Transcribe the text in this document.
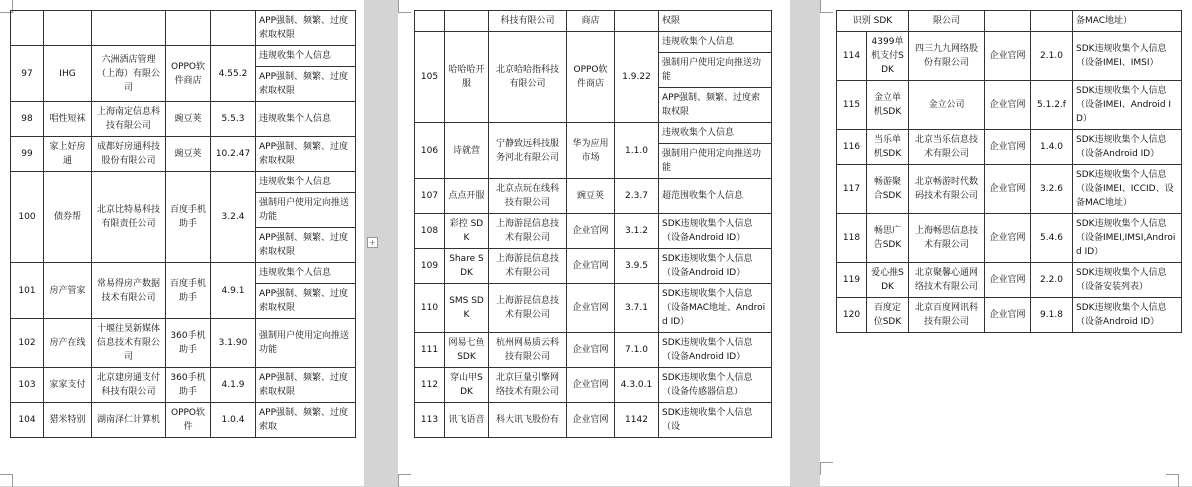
					APP强制、频繁、过度索取权限
97	IHG	六洲酒店管理（上海）有限公司	OPPO软件商店	4.55.2	违规收集个人信息
					APP强制、频繁、过度索取权限
98	唱性短袜	上海南定信息科技有限公司	豌豆荚	5.5.3	违规收集个人信息
99	家上好房通	成都好房通科技股份有限公司	豌豆荚	10.2.47	APP强制、频繁、过度索取权限
100	债券帮	北京比特易科技有限责任公司	百度手机助手	3.2.4	违规收集个人信息
					强制用户使用定向推送功能
					APP强制、频繁、过度索取权限
101	房产管家	常易得房产数据技术有限公司	百度手机助手	4.9.1	违规收集个人信息
					APP强制、频繁、过度索取权限
102	房产在线	十堰往昊新媒体信息技术有限公司	360手机助手	3.1.90	强制用户使用定向推送功能
103	家家支付	北京建房通支付科技有限公司	360手机助手	4.1.9	APP强制、频繁、过度索取权限
104	猎米特别	湖南泽仁计算机	OPPO软件	1.0.4	APP强制、频繁、过度索取
+
		科技有限公司	商店		权限
105	哈哈哈开服	北京哈哈指科技有限公司	OPPO软件商店	1.9.22	违规收集个人信息
					强制用户使用定向推送功能
					APP强制、频繁、过度索取权限
106	诗就营	宁静致远科技服务河北有限公司	华为应用市场	1.1.0	违规收集个人信息
					强制用户使用定向推送功能
107	点点开服	北京点玩在线科技有限公司	豌豆荚	2.3.7	超范围收集个人信息
108	彩控 SDK	上海游昆信息技术有限公司	企业官网	3.1.2	SDK违规收集个人信息（设备Android ID）
109	Share SDK	上海游昆信息技术有限公司	企业官网	3.9.5	SDK违规收集个人信息（设备Android ID）
110	SMS SDK	上海游昆信息技术有限公司	企业官网	3.7.1	SDK违规收集个人信息（设备MAC地址、Android ID）
111	网易七鱼SDK	杭州网易质云科技有限公司	企业官网	7.1.0	SDK违规收集个人信息（设备Android ID）
112	穿山甲SDK	北京巨量引擎网络技术有限公司	企业官网	4.3.0.1	SDK违规收集个人信息（设备传感器信息）
113	讯飞语音	科大讯飞股份有	企业官网	1142	SDK违规收集个人信息（设
识别 SDK		限公司			备MAC地址）
114	4399单机支付SDK	四三九九网络股份有限公司	企业官网	2.1.0	SDK违规收集个人信息（设备IMEI、IMSI）
115	金立单机SDK	金立公司	企业官网	5.1.2.f	SDK违规收集个人信息（设备IMEI、Android ID）
116	当乐单机SDK	北京当乐信息技术有限公司	企业官网	1.4.0	SDK违规收集个人信息（设备Android ID）
117	畅游聚合SDK	北京畅游时代数码技术有限公司	企业官网	3.2.6	SDK违规收集个人信息（设备IMEI、ICCID、设备MAC地址）
118	畅思广告SDK	上海畅思信息技术有限公司	企业官网	5.4.6	SDK违规收集个人信息（设备IMEI,IMSI,Android ID）
119	爱心推SDK	北京聚馨心通网络技术有限公司	企业官网	2.2.0	SDK违规收集个人信息（设备安装列表）
120	百度定位SDK	北京百度网讯科技有限公司	企业官网	9.1.8	SDK违规收集个人信息（设备Android ID）
